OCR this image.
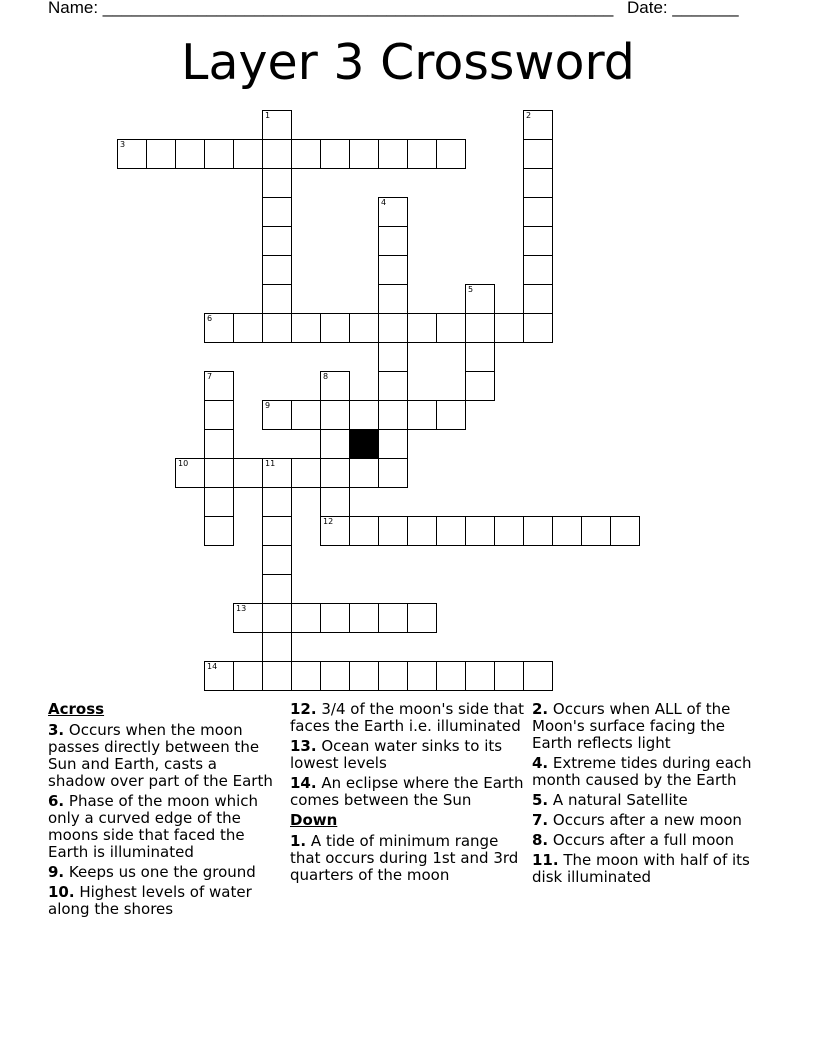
Name: ______________________________________________________ Date: _______
Layer 3 Crossword
1	2
3
4
5
6
7	8
12
9
10	11
13
14
Across
3. Occurs when the moon passes directly between the Sun and Earth, casts a shadow over part of the Earth
6. Phase of the moon which only a curved edge of the moons side that faced the Earth is illuminated
9. Keeps us one the ground
10. Highest levels of water along the shores
12. 3/4 of the moon's side that faces the Earth i.e. illuminated
13. Ocean water sinks to its lowest levels
14. An eclipse where the Earth comes between the Sun
Down
1. A tide of minimum range that occurs during 1st and 3rd quarters of the moon
2. Occurs when ALL of the Moon's surface facing the Earth reflects light
4. Extreme tides during each month caused by the Earth
5. A natural Satellite
7. Occurs after a new moon
8. Occurs after a full moon
11. The moon with half of its disk illuminated
